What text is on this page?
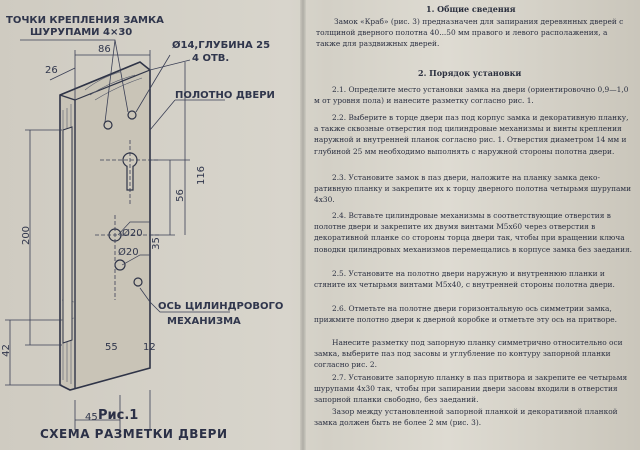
ТОЧКИ КРЕПЛЕНИЯ ЗАМКА
ШУРУПАМИ 4×30
Ø14,ГЛУБИНА 25
4 ОТВ.
ПОЛОТНО ДВЕРИ
ОСЬ ЦИЛИНДРОВОГО
МЕХАНИЗМА
26
86
56
116
35
Ø20
Ø20
200
45
55	12
42
Рис.1
СХЕМА РАЗМЕТКИ ДВЕРИ
1. Общие сведения
Замок «Краб» (рис. 3) предназначен для запирания деревянных дверей с толщиной дверного полотна 40...50 мм правого и левого располажения, а также для раздвижных дверей.
2. Порядок установки
2.1. Определите место установки замка на двери (ориентировочно 0,9—1,0 м от уровня пола) и нанесите разметку согласно рис. 1.
2.2. Выберите в торце двери паз под корпус замка и декоративную планку, а также сквозные отверстия под цилиндровые механизмы и винты крепления наружной и внутренней планок согласно рис. 1. Отверстия диаметром 14 мм и глубиной 25 мм необходимо выполнять с наружной стороны полотна двери.
2.3. Установите замок в паз двери, наложите на планку замка декоративную планку и закрепите их к торцу дверного полотна четырьмя шурупами 4х30.
2.4. Вставьте цилиндровые механизмы в соответствующие отверстия в полотне двери и закрепите их двумя винтами М5х60 через отверстия в декоративной планке со стороны торца двери так, чтобы при вращении ключа поводки цилиндровых механизмов перемещались в корпусе замка без заедания.
2.5. Установите на полотно двери наружную и внутреннюю планки и стяните их четырьмя винтами М5х40, с внутренней стороны полотна двери.
2.6. Отметьте на полотне двери горизонтальную ось симметрии замка, прижмите полотно двери к дверной коробке и отметьте эту ось на притворе.
Нанесите разметку под запорную планку симметрично относительно оси замка, выберите паз под засовы и углубление по контуру запорной планки согласно рис. 2.
2.7. Установите запорную планку в паз притвора и закрепите ее четырьмя шурупами 4х30 так, чтобы при запирании двери засовы входили в отверстия запорной планки свободно, без заеданий.
Зазор между установленной запорной планкой и декоративной планкой замка должен быть не более 2 мм (рис. 3).
